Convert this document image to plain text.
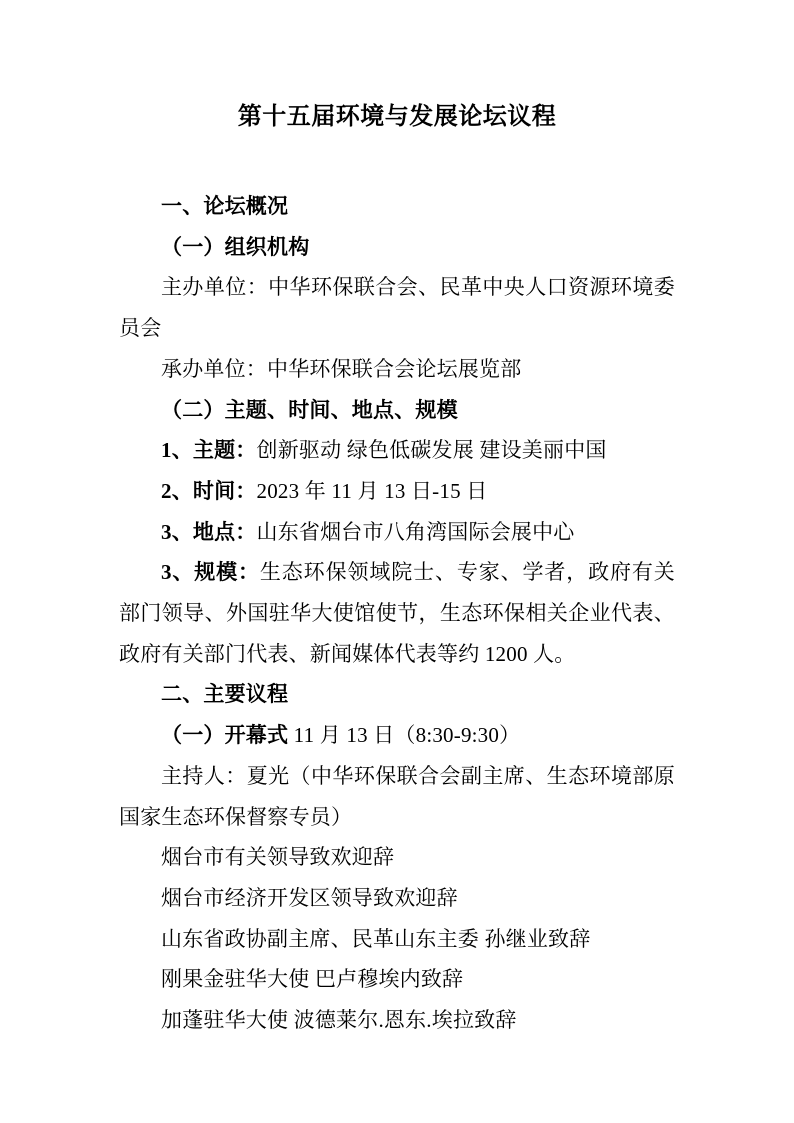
第十五届环境与发展论坛议程

一、论坛概况

（一）组织机构

主办单位：中华环保联合会、民革中央人口资源环境委员会

承办单位：中华环保联合会论坛展览部

（二）主题、时间、地点、规模

1、主题：创新驱动 绿色低碳发展 建设美丽中国

2、时间：2023 年 11 月 13 日-15 日

3、地点：山东省烟台市八角湾国际会展中心

3、规模：生态环保领域院士、专家、学者，政府有关部门领导、外国驻华大使馆使节，生态环保相关企业代表、政府有关部门代表、新闻媒体代表等约 1200 人。

二、主要议程

（一）开幕式 11 月 13 日（8:30-9:30）

主持人：夏光（中华环保联合会副主席、生态环境部原国家生态环保督察专员）

烟台市有关领导致欢迎辞

烟台市经济开发区领导致欢迎辞

山东省政协副主席、民革山东主委 孙继业致辞

刚果金驻华大使 巴卢穆埃内致辞

加蓬驻华大使 波德莱尔.恩东.埃拉致辞
